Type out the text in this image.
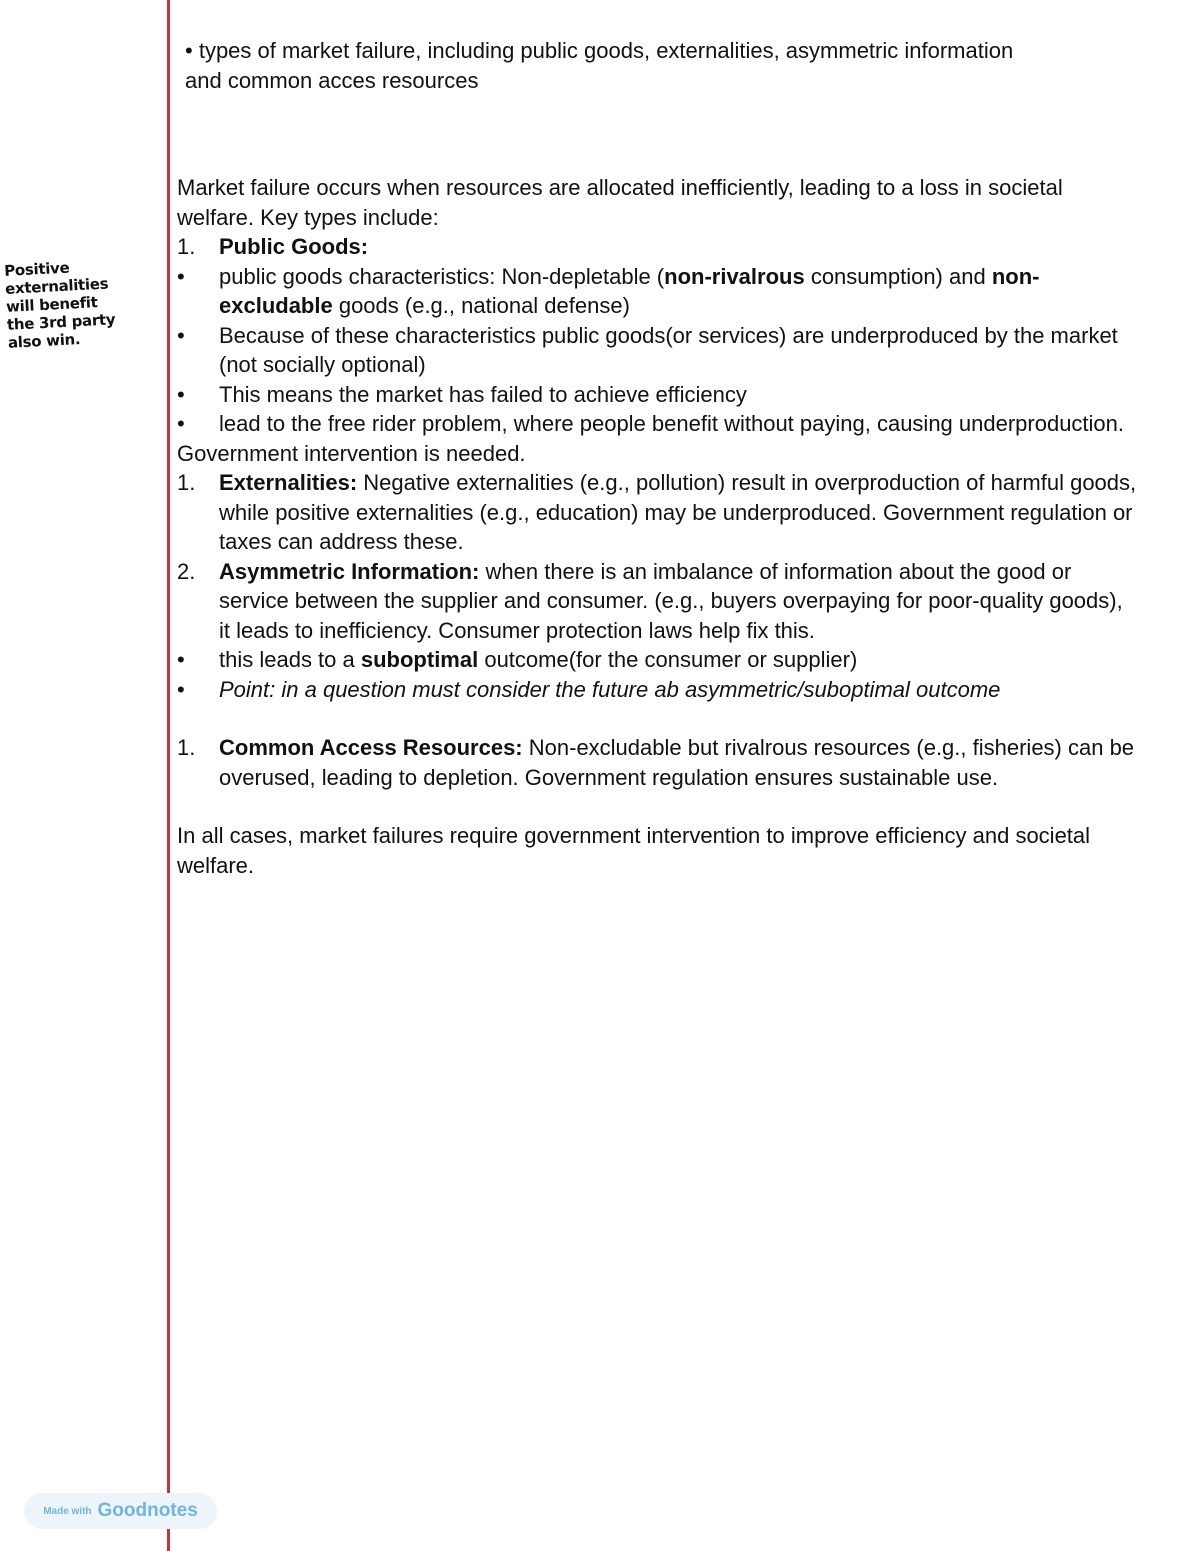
Positive
externalities
will benefit
the 3rd party
also win.
• types of market failure, including public goods, externalities, asymmetric information
and common acces resources

Market failure occurs when resources are allocated inefficiently, leading to a loss in societal welfare. Key types include:

1.	Public Goods:
•	public goods characteristics: Non-depletable (non-rivalrous consumption) and non-excludable goods (e.g., national defense)
•	Because of these characteristics public goods(or services) are underproduced by the market (not socially optional)
•	This means the market has failed to achieve efficiency
•	lead to the free rider problem, where people benefit without paying, causing underproduction.

Government intervention is needed.

1.	Externalities: Negative externalities (e.g., pollution) result in overproduction of harmful goods, while positive externalities (e.g., education) may be underproduced. Government regulation or taxes can address these.
2.	Asymmetric Information: when there is an imbalance of information about the good or service between the supplier and consumer. (e.g., buyers overpaying for poor-quality goods), it leads to inefficiency. Consumer protection laws help fix this.
•	this leads to a suboptimal outcome(for the consumer or supplier)
•	Point: in a question must consider the future ab asymmetric/suboptimal outcome
1.	Common Access Resources: Non-excludable but rivalrous resources (e.g., fisheries) can be overused, leading to depletion. Government regulation ensures sustainable use.

In all cases, market failures require government intervention to improve efficiency and societal welfare.

Made with Goodnotes
